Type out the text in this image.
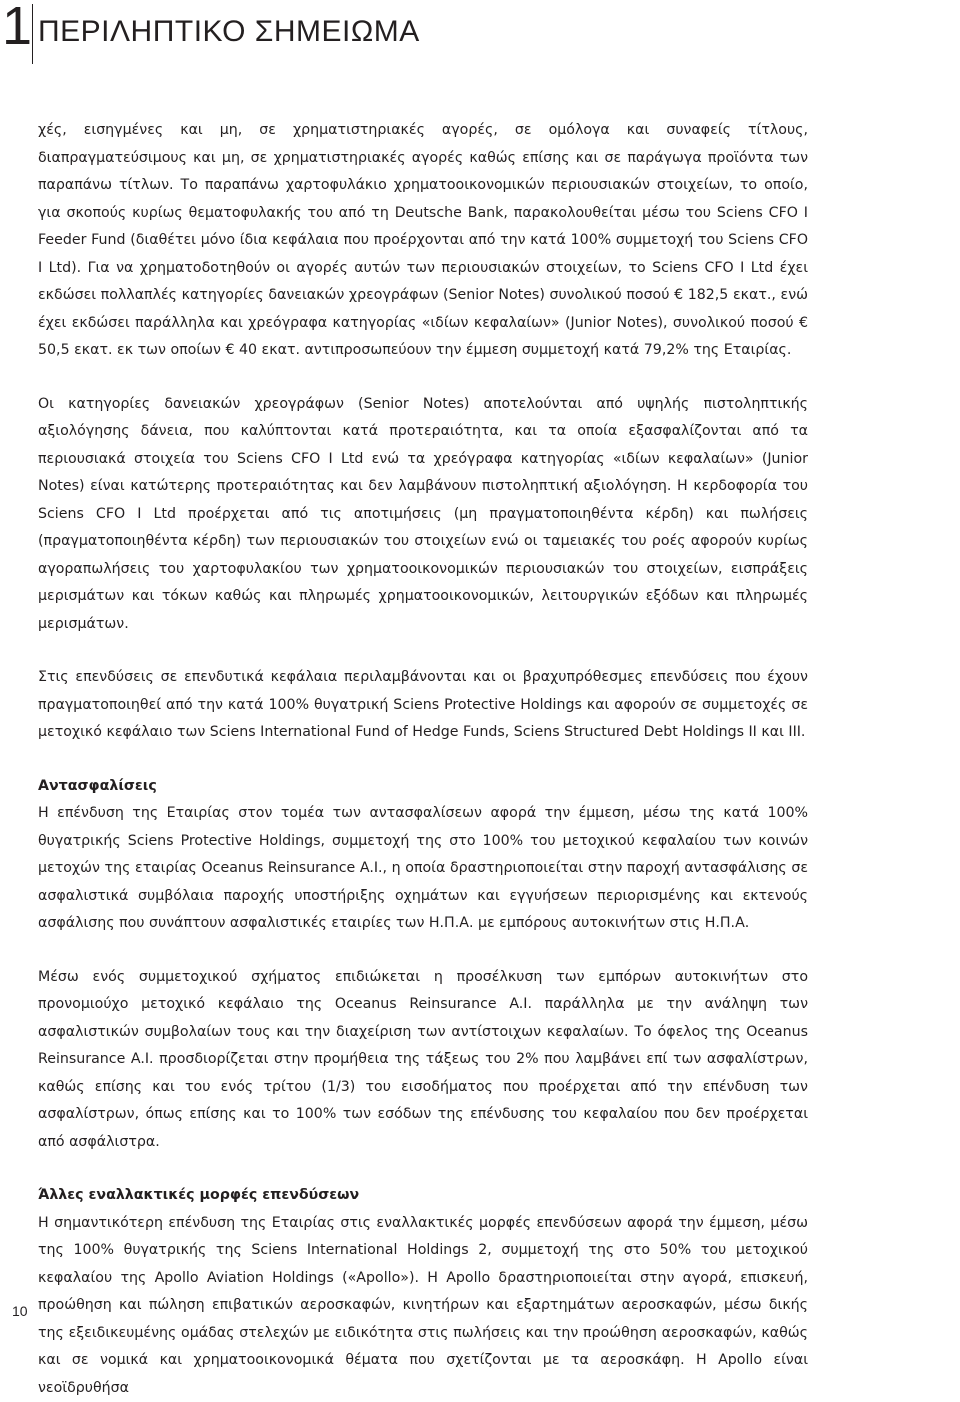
1 ΠΕΡΙΛΗΠΤΙΚΟ ΣΗΜΕΙΩΜΑ

χές, εισηγμένες και μη, σε χρηματιστηριακές αγορές, σε ομόλογα και συναφείς τίτλους, διαπραγματεύσιμους και μη, σε χρηματιστηριακές αγορές καθώς επίσης και σε παράγωγα προϊόντα των παραπάνω τίτλων. Το παραπάνω χαρτοφυλάκιο χρηματοοικονομικών περιουσιακών στοιχείων, το οποίο, για σκοπούς κυρίως θεματοφυλακής του από τη Deutsche Bank, παρακολουθείται μέσω του Sciens CFO I Feeder Fund (διαθέτει μόνο ίδια κεφάλαια που προέρχονται από την κατά 100% συμμετοχή του Sciens CFO I Ltd). Για να χρηματοδοτηθούν οι αγορές αυτών των περιουσιακών στοιχείων, το Sciens CFO I Ltd έχει εκδώσει πολλαπλές κατηγορίες δανειακών χρεογράφων (Senior Notes) συνολικού ποσού € 182,5 εκατ., ενώ έχει εκδώσει παράλληλα και χρεόγραφα κατηγορίας «ιδίων κεφαλαίων» (Junior Notes), συνολικού ποσού € 50,5 εκατ. εκ των οποίων € 40 εκατ. αντιπροσωπεύουν την έμμεση συμμετοχή κατά 79,2% της Εταιρίας.

Οι κατηγορίες δανειακών χρεογράφων (Senior Notes) αποτελούνται από υψηλής πιστοληπτικής αξιολόγησης δάνεια, που καλύπτονται κατά προτεραιότητα, και τα οποία εξασφαλίζονται από τα περιουσιακά στοιχεία του Sciens CFO I Ltd ενώ τα χρεόγραφα κατηγορίας «ιδίων κεφαλαίων» (Junior Notes) είναι κατώτερης προτεραιότητας και δεν λαμβάνουν πιστοληπτική αξιολόγηση. Η κερδοφορία του Sciens CFO I Ltd προέρχεται από τις αποτιμήσεις (μη πραγματοποιηθέντα κέρδη) και πωλήσεις (πραγματοποιηθέντα κέρδη) των περιουσιακών του στοιχείων ενώ οι ταμειακές του ροές αφορούν κυρίως αγοραπωλήσεις του χαρτοφυλακίου των χρηματοοικονομικών περιουσιακών του στοιχείων, εισπράξεις μερισμάτων και τόκων καθώς και πληρωμές χρηματοοικονομικών, λειτουργικών εξόδων και πληρωμές μερισμάτων.

Στις επενδύσεις σε επενδυτικά κεφάλαια περιλαμβάνονται και οι βραχυπρόθεσμες επενδύσεις που έχουν πραγματοποιηθεί από την κατά 100% θυγατρική Sciens Protective Holdings και αφορούν σε συμμετοχές σε μετοχικό κεφάλαιο των Sciens International Fund of Hedge Funds, Sciens Structured Debt Holdings II και III.

Αντασφαλίσεις

Η επένδυση της Εταιρίας στον τομέα των αντασφαλίσεων αφορά την έμμεση, μέσω της κατά 100% θυγατρικής Sciens Protective Holdings, συμμετοχή της στο 100% του μετοχικού κεφαλαίου των κοινών μετοχών της εταιρίας Oceanus Reinsurance A.I., η οποία δραστηριοποιείται στην παροχή αντασφάλισης σε ασφαλιστικά συμβόλαια παροχής υποστήριξης οχημάτων και εγγυήσεων περιορισμένης και εκτενούς ασφάλισης που συνάπτουν ασφαλιστικές εταιρίες των Η.Π.Α. με εμπόρους αυτοκινήτων στις Η.Π.Α.

Μέσω ενός συμμετοχικού σχήματος επιδιώκεται η προσέλκυση των εμπόρων αυτοκινήτων στο προνομιούχο μετοχικό κεφάλαιο της Oceanus Reinsurance A.I. παράλληλα με την ανάληψη των ασφαλιστικών συμβολαίων τους και την διαχείριση των αντίστοιχων κεφαλαίων. Το όφελος της Oceanus Reinsurance A.I. προσδιορίζεται στην προμήθεια της τάξεως του 2% που λαμβάνει επί των ασφαλίστρων, καθώς επίσης και του ενός τρίτου (1/3) του εισοδήματος που προέρχεται από την επένδυση των ασφαλίστρων, όπως επίσης και το 100% των εσόδων της επένδυσης του κεφαλαίου που δεν προέρχεται από ασφάλιστρα.

Άλλες εναλλακτικές μορφές επενδύσεων

Η σημαντικότερη επένδυση της Εταιρίας στις εναλλακτικές μορφές επενδύσεων αφορά την έμμεση, μέσω της 100% θυγατρικής της Sciens International Holdings 2, συμμετοχή της στο 50% του μετοχικού κεφαλαίου της Apollo Aviation Holdings («Apollo»). Η Apollo δραστηριοποιείται στην αγορά, επισκευή, προώθηση και πώληση επιβατικών αεροσκαφών, κινητήρων και εξαρτημάτων αεροσκαφών, μέσω δικής της εξειδικευμένης ομάδας στελεχών με ειδικότητα στις πωλήσεις και την προώθηση αεροσκαφών, καθώς και σε νομικά και χρηματοοικονομικά θέματα που σχετίζονται με τα αεροσκάφη. Η Apollo είναι νεοϊδρυθήσα

10
